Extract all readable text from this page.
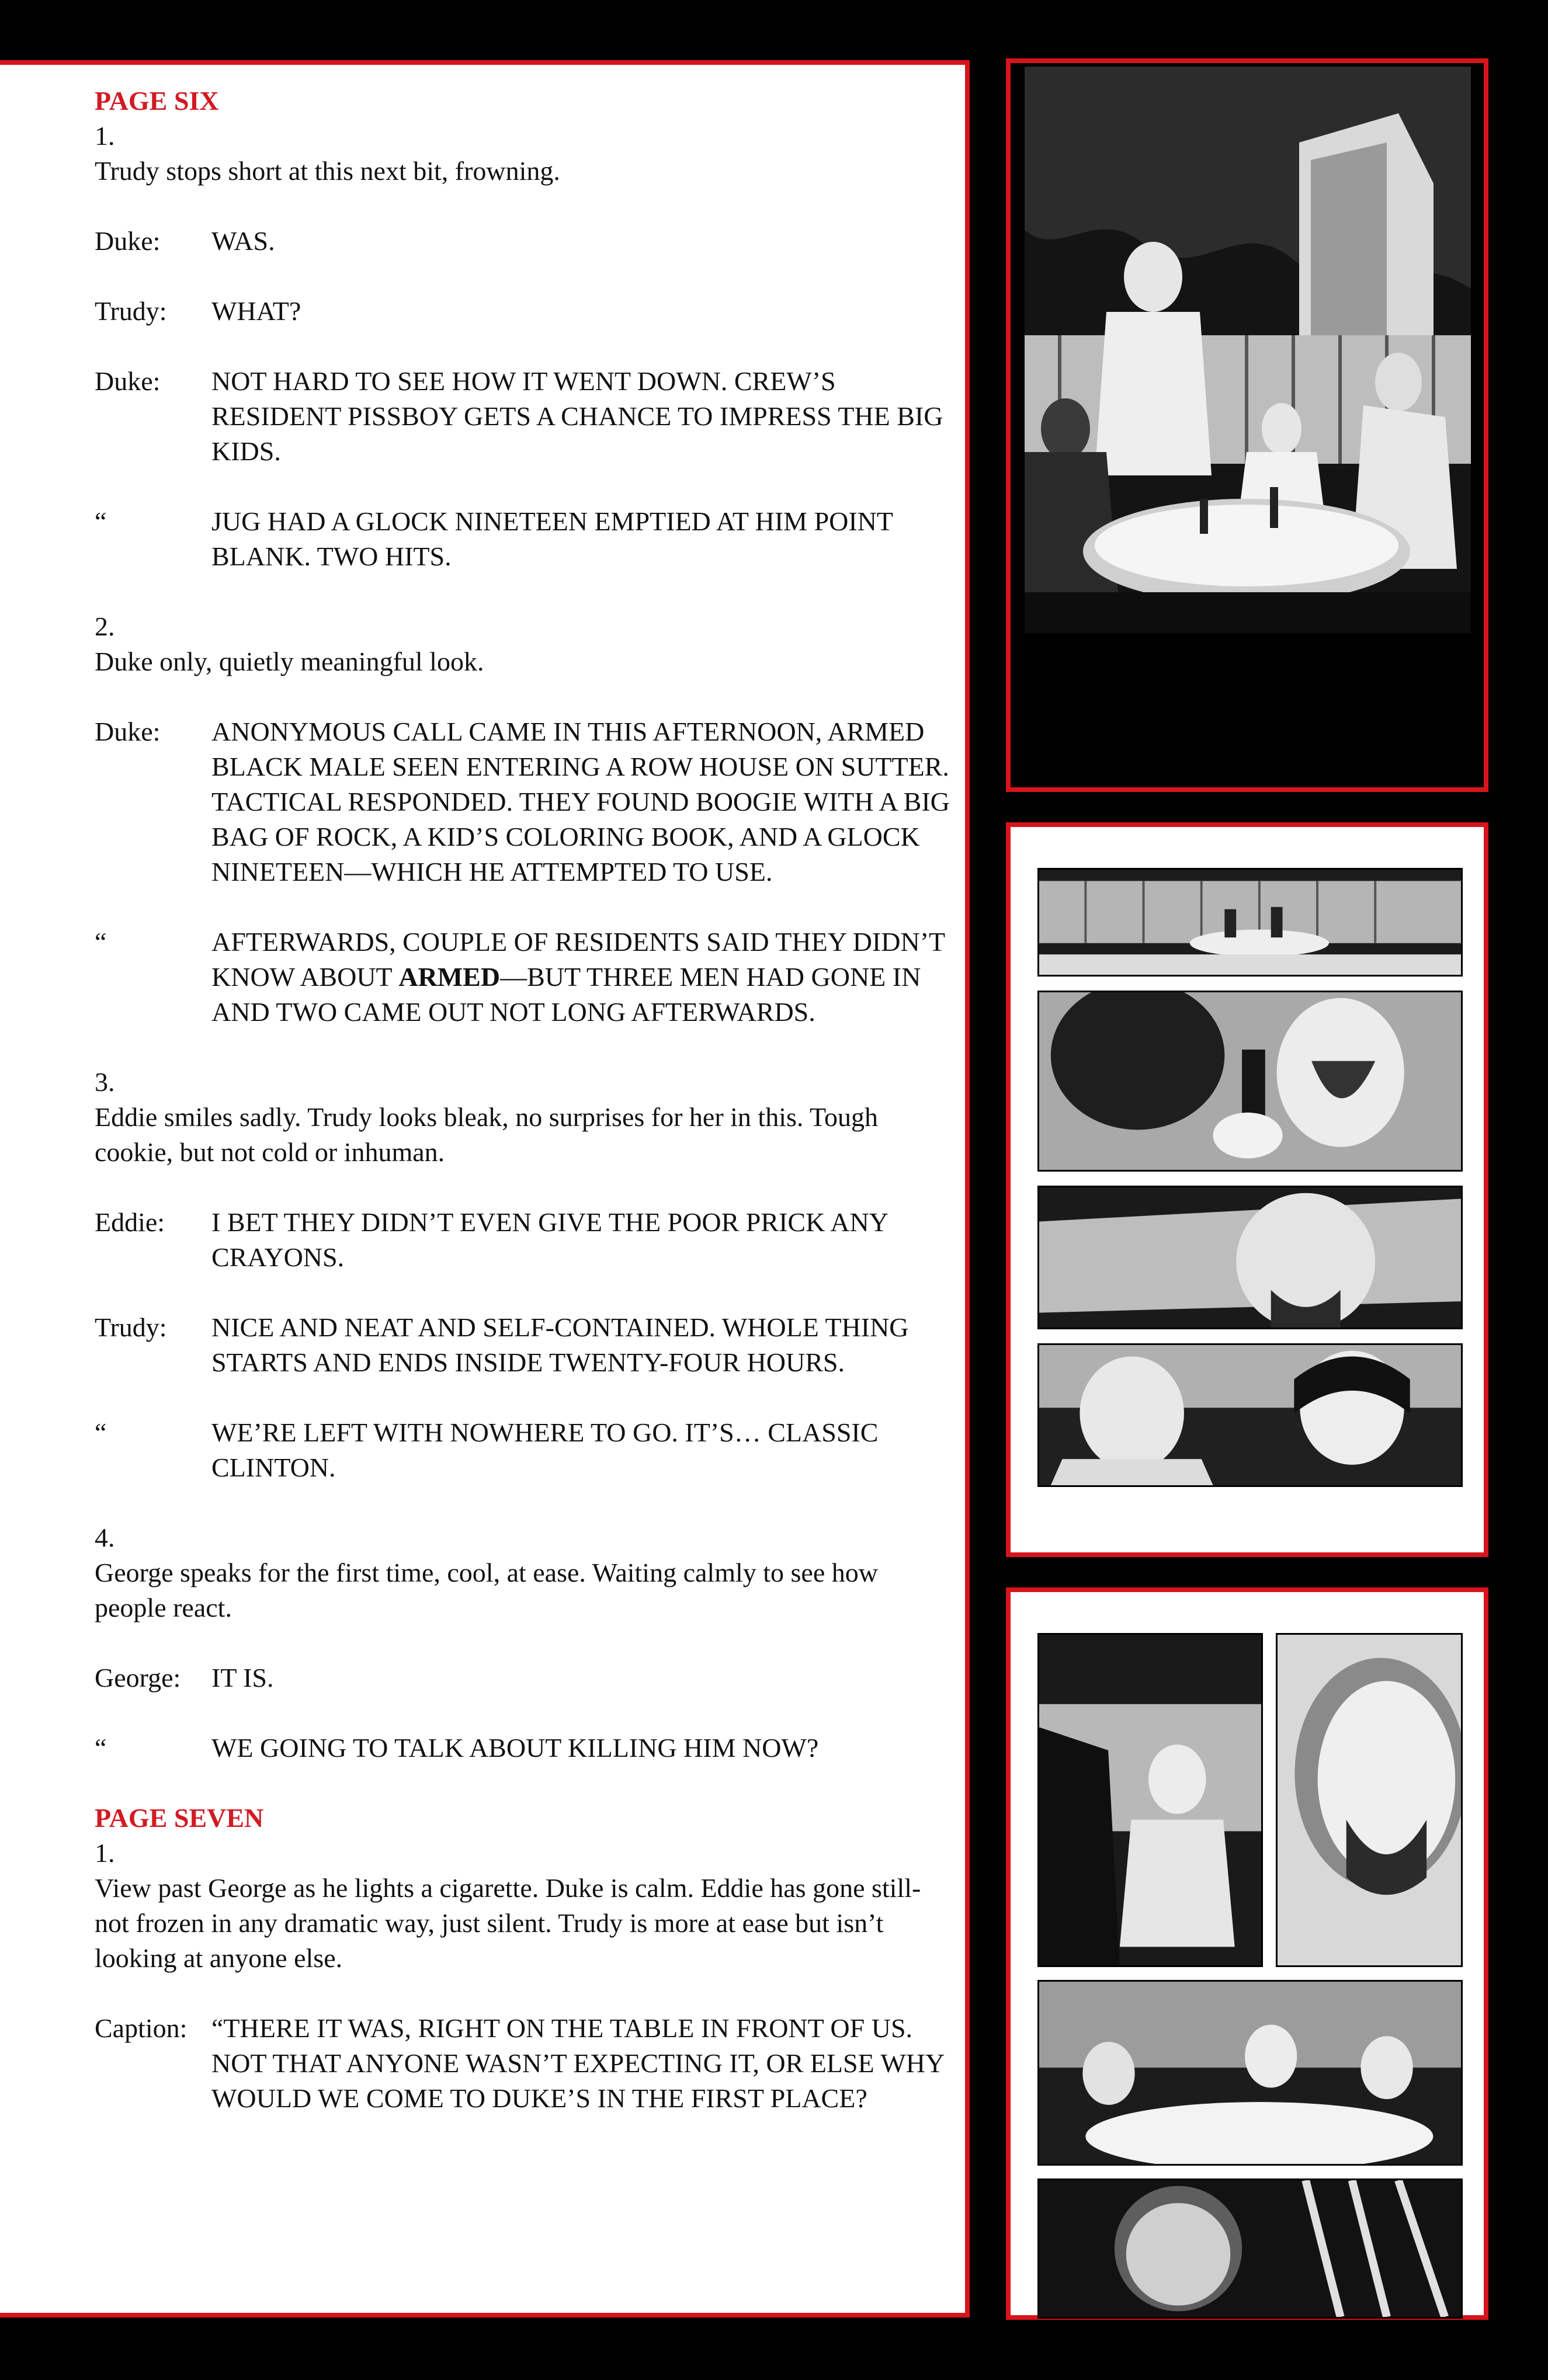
PAGE SIX
1.
Trudy stops short at this next bit, frowning.
Duke:	WAS.
Trudy:	WHAT?
Duke:	NOT HARD TO SEE HOW IT WENT DOWN. CREW’S RESIDENT PISSBOY GETS A CHANCE TO IMPRESS THE BIG KIDS.
“	JUG HAD A GLOCK NINETEEN EMPTIED AT HIM POINT BLANK. TWO HITS.
2.
Duke only, quietly meaningful look.
Duke:	ANONYMOUS CALL CAME IN THIS AFTERNOON, ARMED BLACK MALE SEEN ENTERING A ROW HOUSE ON SUTTER. TACTICAL RESPONDED. THEY FOUND BOOGIE WITH A BIG BAG OF ROCK, A KID’S COLORING BOOK, AND A GLOCK NINETEEN—WHICH HE ATTEMPTED TO USE.
“	AFTERWARDS, COUPLE OF RESIDENTS SAID THEY DIDN’T KNOW ABOUT ARMED—BUT THREE MEN HAD GONE IN AND TWO CAME OUT NOT LONG AFTERWARDS.
3.
Eddie smiles sadly. Trudy looks bleak, no surprises for her in this. Tough cookie, but not cold or inhuman.
Eddie:	I BET THEY DIDN’T EVEN GIVE THE POOR PRICK ANY CRAYONS.
Trudy:	NICE AND NEAT AND SELF-CONTAINED. WHOLE THING STARTS AND ENDS INSIDE TWENTY-FOUR HOURS.
“	WE’RE LEFT WITH NOWHERE TO GO. IT’S… CLASSIC CLINTON.
4.
George speaks for the first time, cool, at ease. Waiting calmly to see how people react.
George:	IT IS.
“	WE GOING TO TALK ABOUT KILLING HIM NOW?
PAGE SEVEN
1.
View past George as he lights a cigarette. Duke is calm. Eddie has gone still- not frozen in any dramatic way, just silent. Trudy is more at ease but isn’t looking at anyone else.
Caption: “THERE IT WAS, RIGHT ON THE TABLE IN FRONT OF US. NOT THAT ANYONE WASN’T EXPECTING IT, OR ELSE WHY WOULD WE COME TO DUKE’S IN THE FIRST PLACE?
